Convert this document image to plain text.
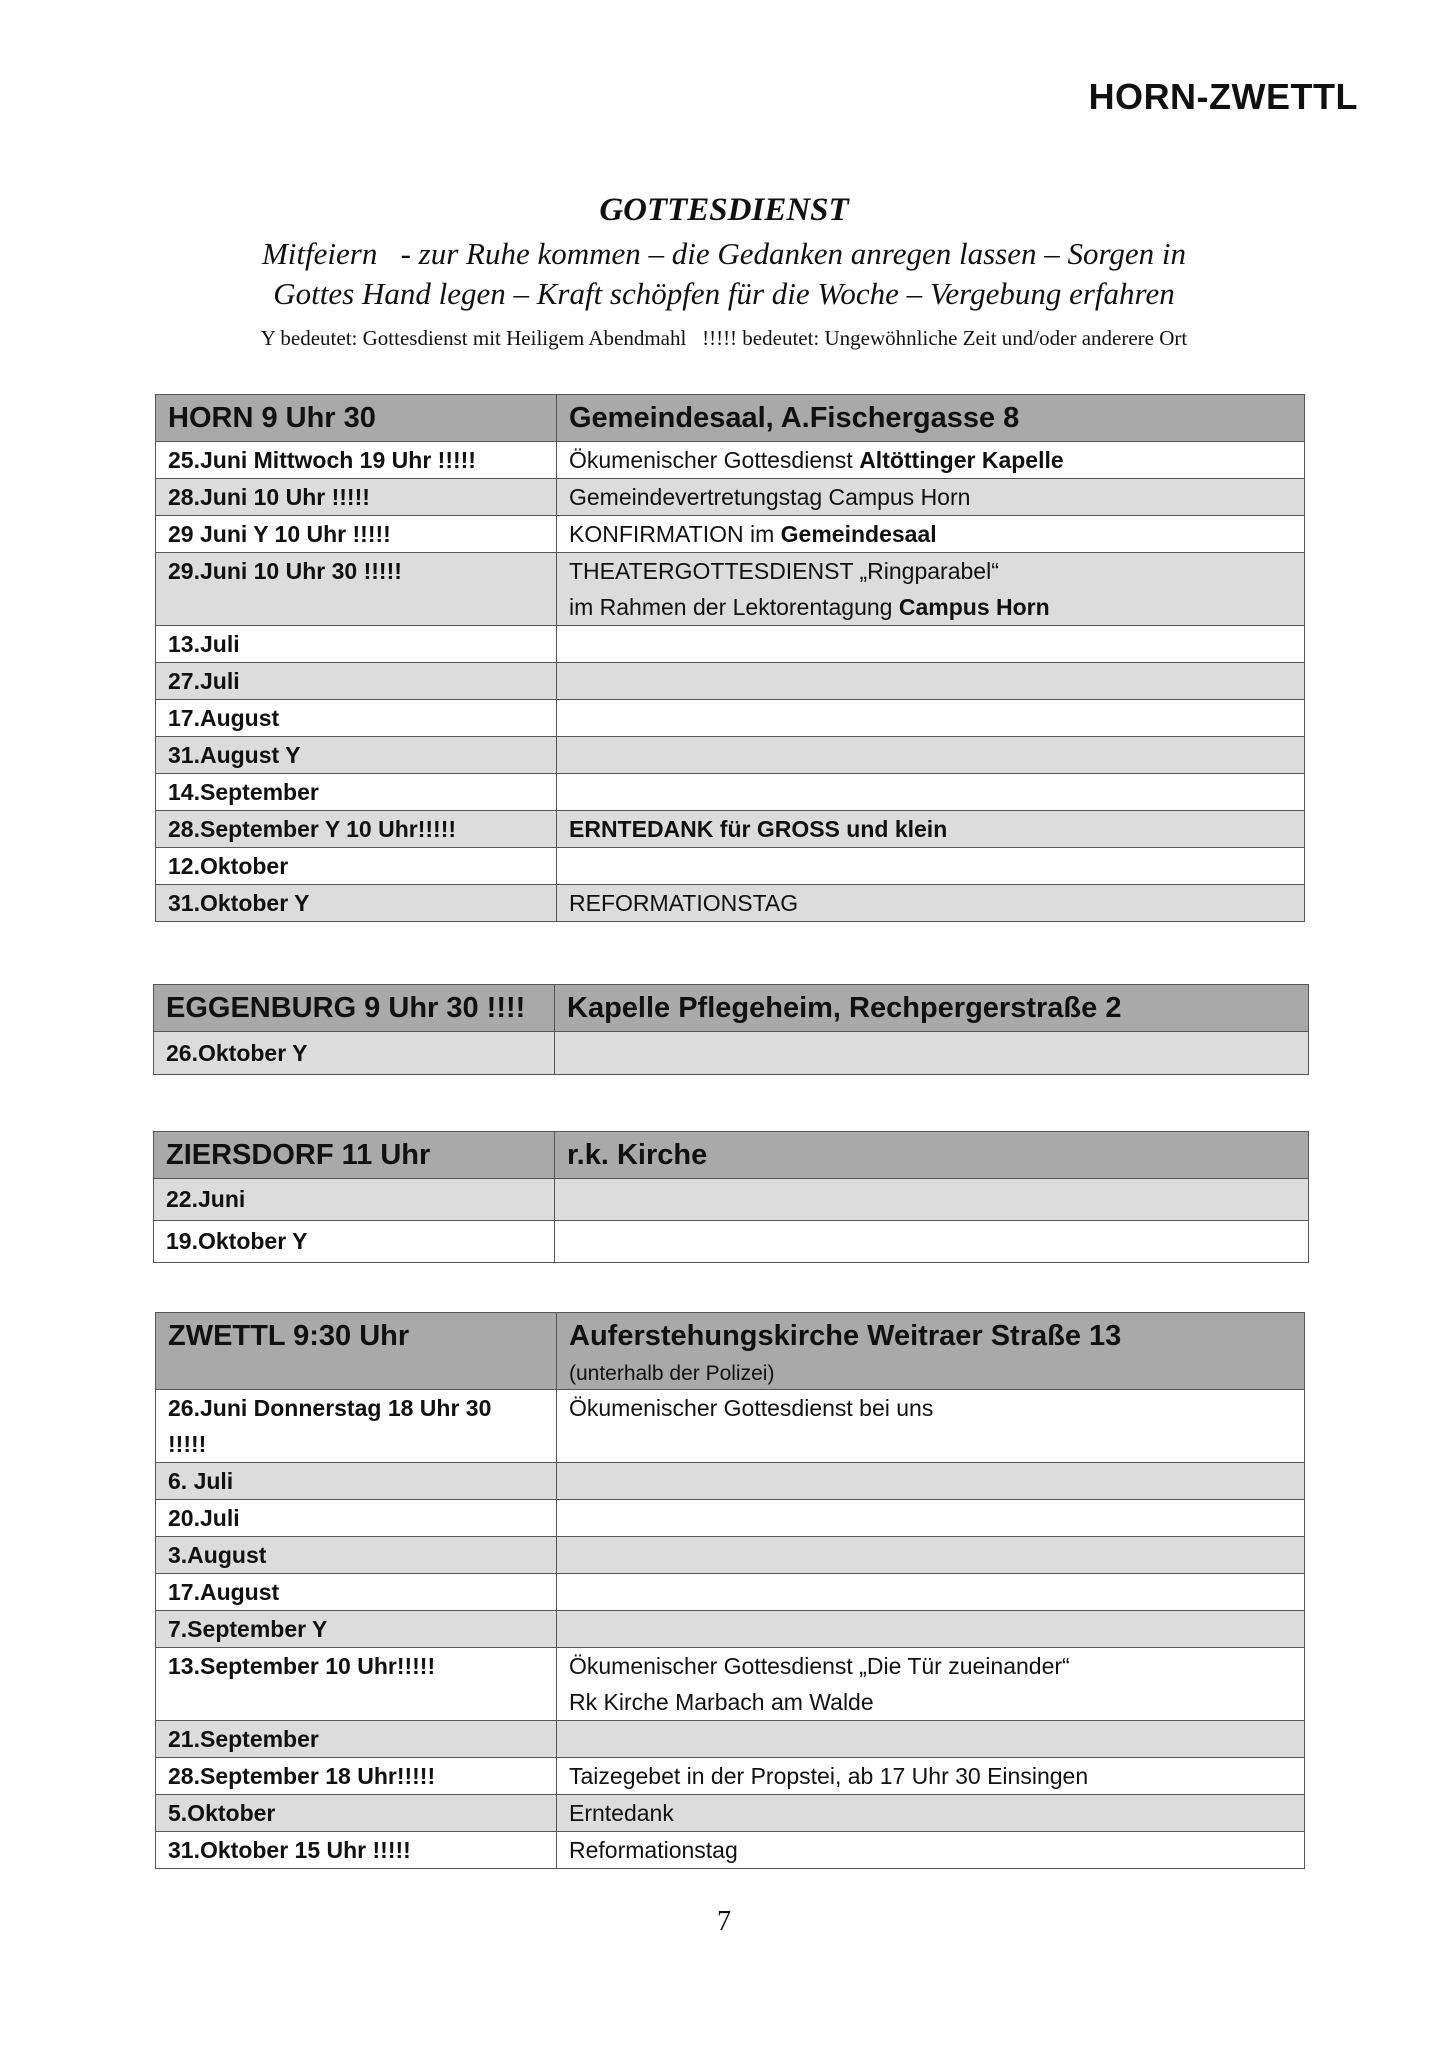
HORN-ZWETTL
GOTTESDIENST
Mitfeiern   - zur Ruhe kommen – die Gedanken anregen lassen – Sorgen in
Gottes Hand legen – Kraft schöpfen für die Woche – Vergebung erfahren
Y bedeutet: Gottesdienst mit Heiligem Abendmahl   !!!!! bedeutet: Ungewöhnliche Zeit und/oder anderere Ort
HORN 9 Uhr 30	Gemeindesaal, A.Fischergasse 8
25.Juni Mittwoch 19 Uhr !!!!!	Ökumenischer Gottesdienst Altöttinger Kapelle
28.Juni 10 Uhr !!!!!	Gemeindevertretungstag Campus Horn
29 Juni Y 10 Uhr !!!!!	KONFIRMATION im Gemeindesaal
29.Juni 10 Uhr 30 !!!!!	THEATERGOTTESDIENST „Ringparabel“
im Rahmen der Lektorentagung Campus Horn
13.Juli	
27.Juli	
17.August	
31.August Y	
14.September	
28.September Y 10 Uhr!!!!!	ERNTEDANK für GROSS und klein
12.Oktober	
31.Oktober Y	REFORMATIONSTAG
EGGENBURG 9 Uhr 30 !!!!	Kapelle Pflegeheim, Rechpergerstraße 2
26.Oktober Y	
ZIERSDORF 11 Uhr	r.k. Kirche
22.Juni	
19.Oktober Y	
ZWETTL 9:30 Uhr	Auferstehungskirche Weitraer Straße 13
(unterhalb der Polizei)

26.Juni Donnerstag 18 Uhr 30
!!!!!	Ökumenischer Gottesdienst bei uns
6. Juli	
20.Juli	
3.August	
17.August	
7.September Y	
13.September 10 Uhr!!!!!	Ökumenischer Gottesdienst „Die Tür zueinander“
Rk Kirche Marbach am Walde
21.September	
28.September 18 Uhr!!!!!	Taizegebet in der Propstei, ab 17 Uhr 30 Einsingen
5.Oktober	Erntedank
31.Oktober 15 Uhr !!!!!	Reformationstag
7
